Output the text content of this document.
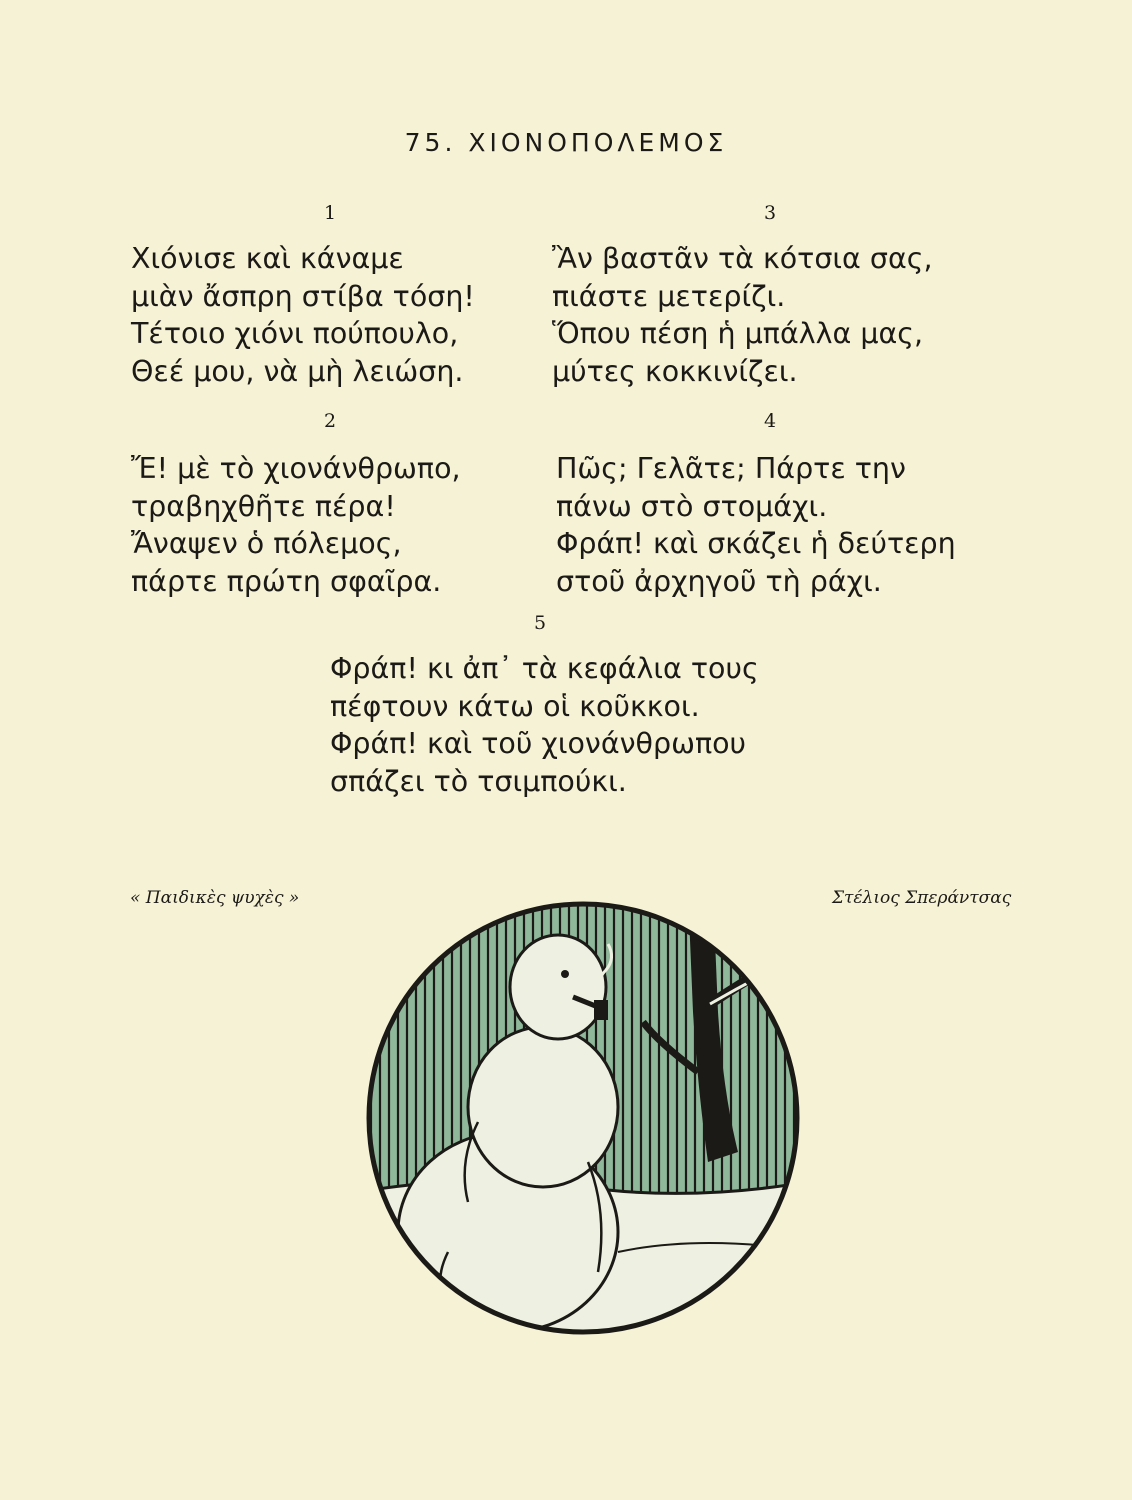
75. ΧΙΟΝΟΠΟΛΕΜΟΣ
1
Χιόνισε καὶ κάναμε
μιὰν ἄσπρη στίβα τόση!
Τέτοιο χιόνι πούπουλο,
Θεέ μου, νὰ μὴ λειώση.
2
Ἔ! μὲ τὸ χιονάνθρωπο,
τραβηχθῆτε πέρα!
Ἄναψεν ὁ πόλεμος,
πάρτε πρώτη σφαῖρα.
3
Ἂν βαστᾶν τὰ κότσια σας,
πιάστε μετερίζι.
Ὅπου πέση ἡ μπάλλα μας,
μύτες κοκκινίζει.
4
Πῶς; Γελᾶτε; Πάρτε την
πάνω στὸ στομάχι.
Φράπ! καὶ σκάζει ἡ δεύτερη
στοῦ ἀρχηγοῦ τὴ ράχι.
5
Φράπ! κι ἀπ᾽ τὰ κεφάλια τους
πέφτουν κάτω οἱ κοῦκκοι.
Φράπ! καὶ τοῦ χιονάνθρωπου
σπάζει τὸ τσιμπούκι.
« Παιδικὲς ψυχὲς »	Στέλιος Σπεράντσας
